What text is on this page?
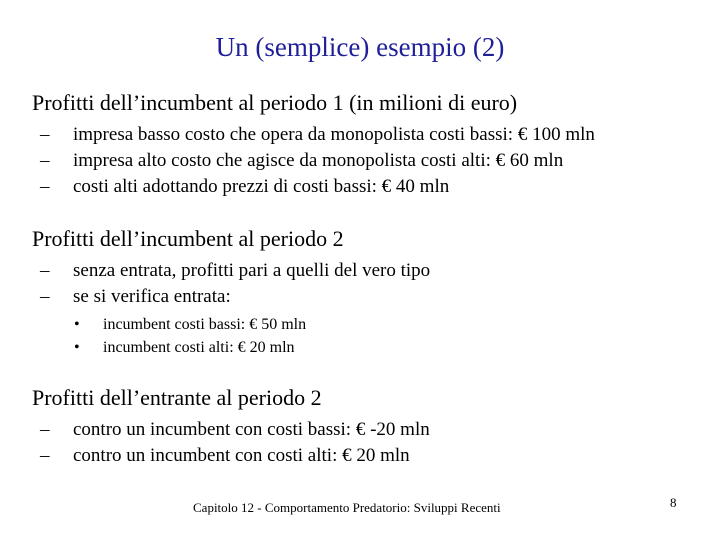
Un (semplice) esempio (2)

Profitti dell’incumbent al periodo 1 (in milioni di euro)

– impresa basso costo che opera da monopolista costi bassi: € 100 mln
– impresa alto costo che agisce da monopolista costi alti: € 60 mln
– costi alti adottando prezzi di costi bassi: € 40 mln

Profitti dell’incumbent al periodo 2

– senza entrata, profitti pari a quelli del vero tipo
– se si verifica entrata:
• incumbent costi bassi: € 50 mln
• incumbent costi alti: € 20 mln

Profitti dell’entrante al periodo 2

– contro un incumbent con costi bassi: € -20 mln
– contro un incumbent con costi alti: € 20 mln
Capitolo 12 - Comportamento Predatorio: Sviluppi Recenti	8
